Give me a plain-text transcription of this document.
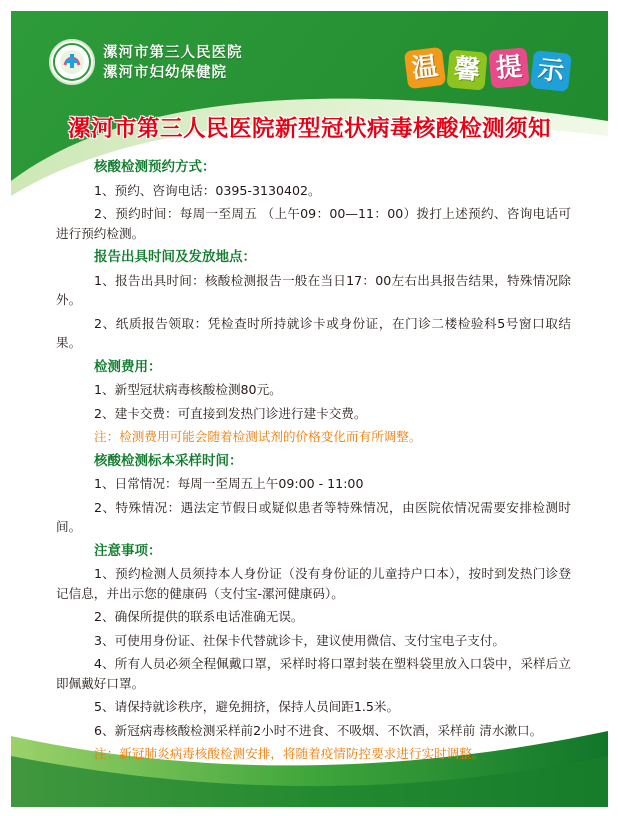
漯河市第三人民医院
漯河市妇幼保健院	温 馨 提 示
漯河市第三人民医院新型冠状病毒核酸检测须知
核酸检测预约方式：
1、预约、咨询电话：0395-3130402。
2、预约时间：每周一至周五 （上午09：00—11：00）拨打上述预约、咨询电话可进行预约检测。
报告出具时间及发放地点：
1、报告出具时间：核酸检测报告一般在当日17：00左右出具报告结果，特殊情况除外。
2、纸质报告领取：凭检查时所持就诊卡或身份证，在门诊二楼检验科5号窗口取结果。
检测费用：
1、新型冠状病毒核酸检测80元。
2、建卡交费：可直接到发热门诊进行建卡交费。
注：检测费用可能会随着检测试剂的价格变化而有所调整。
核酸检测标本采样时间：
1、日常情况：每周一至周五上午09:00 - 11:00
2、特殊情况：遇法定节假日或疑似患者等特殊情况，由医院依情况需要安排检测时间。
注意事项：
1、预约检测人员须持本人身份证（没有身份证的儿童持户口本），按时到发热门诊登记信息，并出示您的健康码（支付宝-漯河健康码）。
2、确保所提供的联系电话准确无误。
3、可使用身份证、社保卡代替就诊卡，建议使用微信、支付宝电子支付。
4、所有人员必须全程佩戴口罩，采样时将口罩封装在塑料袋里放入口袋中，采样后立即佩戴好口罩。
5、请保持就诊秩序，避免拥挤，保持人员间距1.5米。
6、新冠病毒核酸检测采样前2小时不进食、不吸烟、不饮酒，采样前 清水漱口。
注：新冠肺炎病毒核酸检测安排，将随着疫情防控要求进行实时调整。
